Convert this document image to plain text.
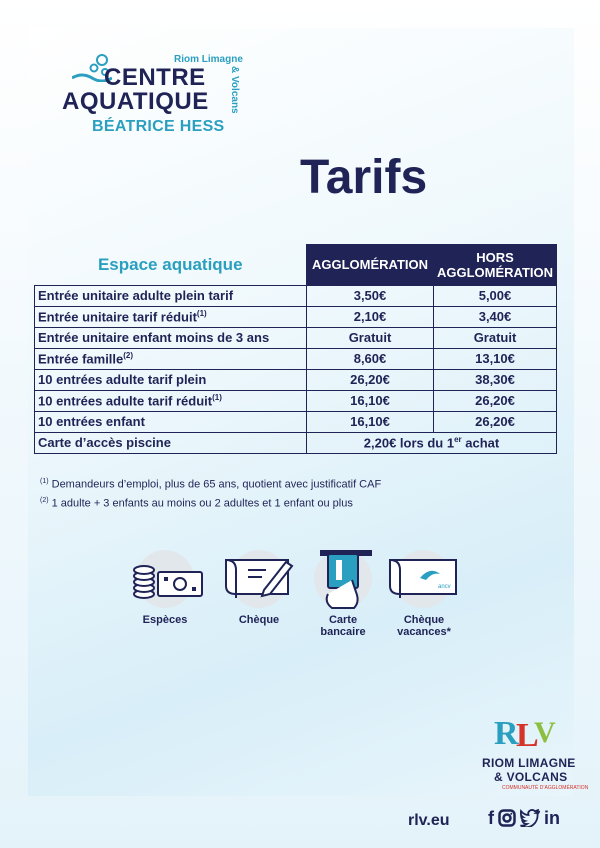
Riom Limagne
CENTRE
AQUATIQUE & Volcans
BÉATRICE HESS
Tarifs
Espace aquatique	AGGLOMÉRATION	HORS
AGGLOMÉRATION

Entrée unitaire adulte plein tarif	3,50€	5,00€
Entrée unitaire tarif réduit$^{(1)}$	2,10€	3,40€
Entrée unitaire enfant moins de 3 ans	Gratuit	Gratuit
Entrée famille$^{(2)}$	8,60€	13,10€
10 entrées adulte tarif plein	26,20€	38,30€
10 entrées adulte tarif réduit$^{(1)}$	16,10€	26,20€
10 entrées enfant	16,10€	26,20€
Carte d’accès piscine	2,20€ lors du 1er achat	
$^{(1)}$ Demandeurs d’emploi, plus de 65 ans, quotient avec justificatif CAF
$^{(2)}$ 1 adulte + 3 enfants au moins ou 2 adultes et 1 enfant ou plus
Espèces	Chèque	Carte bancaire
ancv
Chèque vacances*
R
L
V
RIOM LIMAGNE
& VOLCANS
COMMUNAUTÉ D’AGGLOMÉRATION
rlv.eu f	in
